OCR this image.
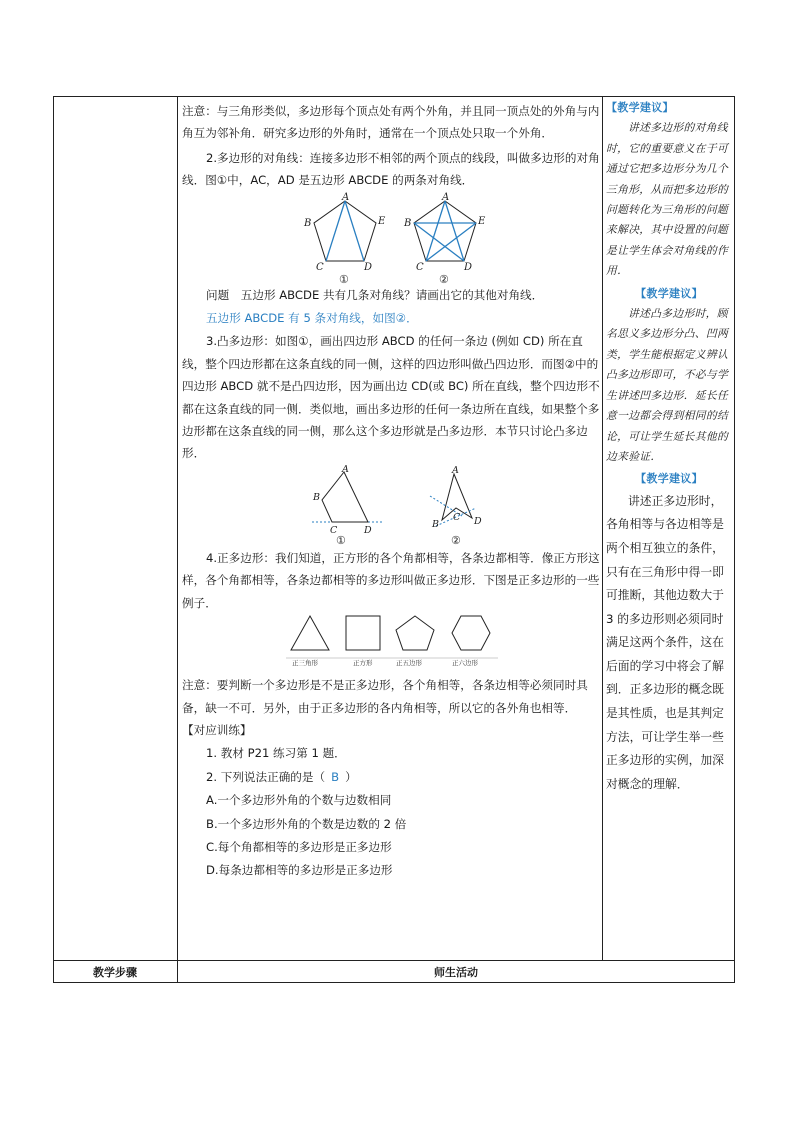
注意：与三角形类似，多边形每个顶点处有两个外角，并且同一顶点处的外角与内角互为邻补角．研究多边形的外角时，通常在一个顶点处只取一个外角．

2.多边形的对角线：连接多边形不相邻的两个顶点的线段，叫做多边形的对角线．图①中，AC，AD 是五边形 ABCDE 的两条对角线．

问题　五边形 ABCDE 共有几条对角线？请画出它的其他对角线．

五边形 ABCDE 有 5 条对角线，如图②．

3.凸多边形：如图①，画出四边形 ABCD 的任何一条边 (例如 CD) 所在直线，整个四边形都在这条直线的同一侧，这样的四边形叫做凸四边形．而图②中的四边形 ABCD 就不是凸四边形，因为画出边 CD(或 BC) 所在直线，整个四边形不都在这条直线的同一侧．类似地，画出多边形的任何一条边所在直线，如果整个多边形都在这条直线的同一侧，那么这个多边形就是凸多边形．本节只讨论凸多边形．

4.正多边形：我们知道，正方形的各个角都相等，各条边都相等．像正方形这样，各个角都相等，各条边都相等的多边形叫做正多边形．下图是正多边形的一些例子．

注意：要判断一个多边形是不是正多边形，各个角相等，各条边相等必须同时具备，缺一不可．另外，由于正多边形的各内角相等，所以它的各外角也相等．

【对应训练】

1. 教材 P21 练习第 1 题．

2. 下列说法正确的是（ B ）

A.一个多边形外角的个数与边数相同

B.一个多边形外角的个数是边数的 2 倍

C.每个角都相等的多边形是正多边形

D.每条边都相等的多边形是正多边形

A
B
C	D
E
A
B
C	D
E
①	②
A
B
C	D
A
B
C D
①	②
正三角形	正方形	正五边形	正六边形

【教学建议】

讲述多边形的对角线时，它的重要意义在于可通过它把多边形分为几个三角形，从而把多边形的问题转化为三角形的问题来解决，其中设置的问题是让学生体会对角线的作用．

【教学建议】

讲述凸多边形时，顾名思义多边形分凸、凹两类，学生能根据定义辨认凸多边形即可，不必与学生讲述凹多边形．延长任意一边都会得到相同的结论，可让学生延长其他的边来验证．

【教学建议】

讲述正多边形时，各角相等与各边相等是两个相互独立的条件，只有在三角形中得一即可推断，其他边数大于 3 的多边形则必须同时满足这两个条件，这在后面的学习中将会了解到．正多边形的概念既是其性质，也是其判定方法，可让学生举一些正多边形的实例，加深对概念的理解．

教学步骤	师生活动
